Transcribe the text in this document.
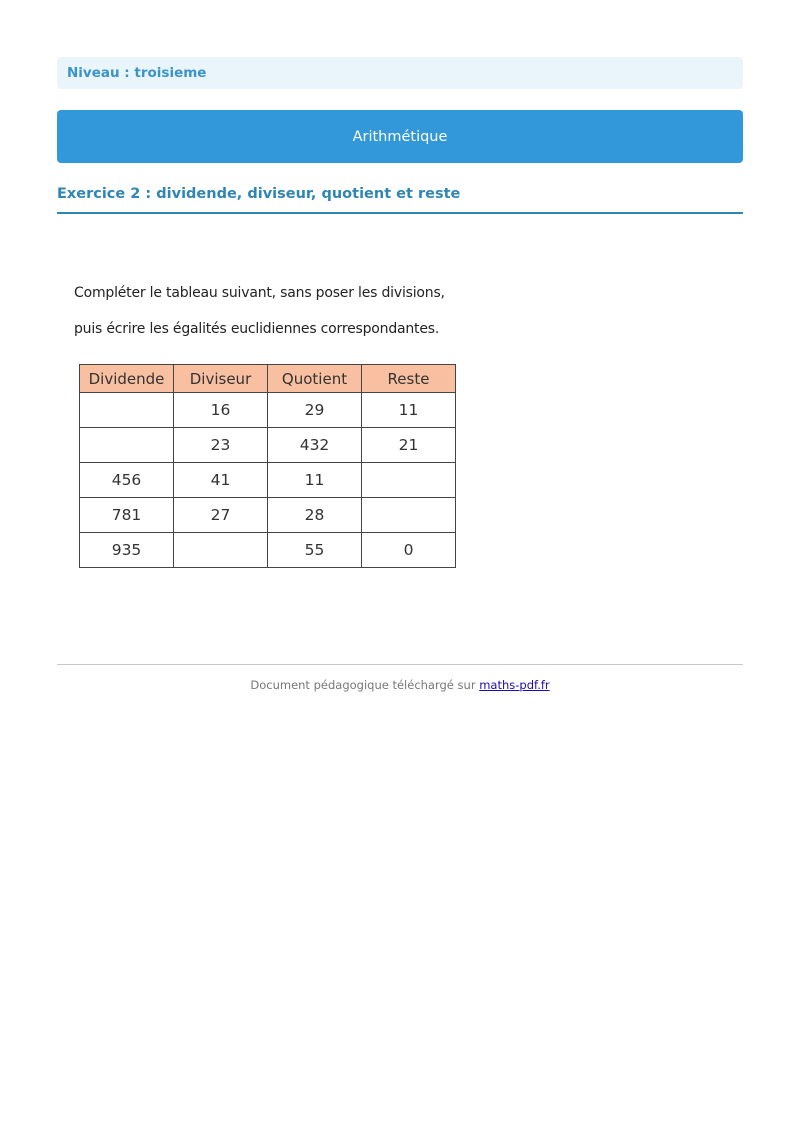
Niveau : troisieme
Arithmétique
Exercice 2 : dividende, diviseur, quotient et reste
Compléter le tableau suivant, sans poser les divisions,
puis écrire les égalités euclidiennes correspondantes.
Dividende	Diviseur	Quotient	Reste
	16	29	11
	23	432	21
456	41	11	
781	27	28	
935		55	0
Document pédagogique téléchargé sur maths-pdf.fr
